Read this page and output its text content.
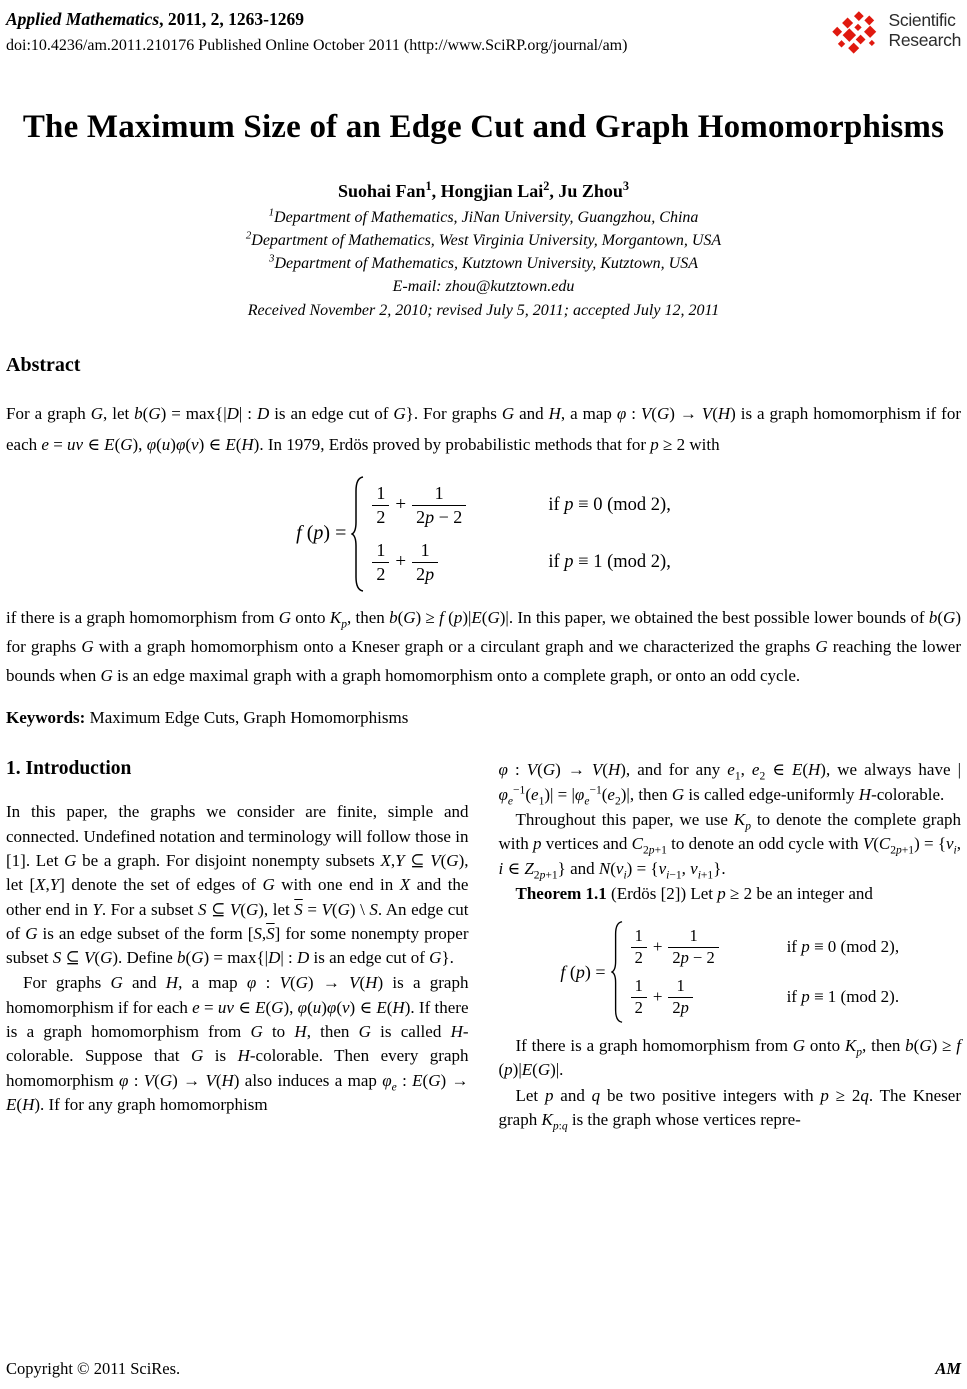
Applied Mathematics, 2011, 2, 1263-1269
doi:10.4236/am.2011.210176 Published Online October 2011 (http://www.SciRP.org/journal/am)
Scientific
Research
The Maximum Size of an Edge Cut and Graph Homomorphisms
Suohai Fan$^1$, Hongjian Lai$^2$, Ju Zhou$^3$
$^1$Department of Mathematics, JiNan University, Guangzhou, China
$^2$Department of Mathematics, West Virginia University, Morgantown, USA
$^3$Department of Mathematics, Kutztown University, Kutztown, USA
E-mail: zhou@kutztown.edu
Received November 2, 2010; revised July 5, 2011; accepted July 12, 2011
Abstract

For a graph G, let b(G) = max{|D| : D is an edge cut of G}. For graphs G and H, a map φ : V(G) → V(H) is a graph homomorphism if for each e = uv ∈ E(G), φ(u)φ(v) ∈ E(H). In 1979, Erdös proved by probabilistic methods that for p ≥ 2 with

f (p) =
$\frac{1}{2} + \frac{1}{2p - 2}$	if p ≡ 0 (mod 2),
$\frac{1}{2} + \frac{1}{2p}$	if p ≡ 1 (mod 2),

if there is a graph homomorphism from G onto $K_p$, then b(G) ≥ f (p)|E(G)|. In this paper, we obtained the best possible lower bounds of b(G) for graphs G with a graph homomorphism onto a Kneser graph or a circulant graph and we characterized the graphs G reaching the lower bounds when G is an edge maximal graph with a graph homomorphism onto a complete graph, or onto an odd cycle.

Keywords: Maximum Edge Cuts, Graph Homomorphisms
1. Introduction

In this paper, the graphs we consider are finite, simple and connected. Undefined notation and terminology will follow those in [1]. Let G be a graph. For disjoint nonempty subsets X,Y ⊆ V(G), let [X,Y] denote the set of edges of G with one end in X and the other end in Y. For a subset S ⊆ V(G), let $\overline{S} = V(G)$ \ S. An edge cut of G is an edge subset of the form $[S,\overline{S}]$ for some nonempty proper subset S ⊆ V(G). Define b(G) = max{|D| : D is an edge cut of G}.

For graphs G and H, a map φ : V(G) → V(H) is a graph homomorphism if for each e = uv ∈ E(G), φ(u)φ(v) ∈ E(H). If there is a graph homomorphism from G to H, then G is called H-colorable. Suppose that G is H-colorable. Then every graph homomorphism φ : V(G) → V(H) also induces a map $\varphi_e$ : E(G) → E(H). If for any graph homomorphism

φ : V(G) → V(H), and for any $e_1$, $e_2$ ∈ E(H), we always have $|\varphi_e^{-1}(e_1)| = |\varphi_e^{-1}(e_2)|$, then G is called edge-uniformly H-colorable.

Throughout this paper, we use $K_p$ to denote the complete graph with p vertices and $C_{2p+1}$ to denote an odd cycle with $V(C_{2p+1}) = \{v_i$, i ∈ $Z_{2p+1}$} and $N(v_i) = \{v_{i-1}$, $v_{i+1}$}.

Theorem 1.1 (Erdös [2]) Let p ≥ 2 be an integer and

f (p) =
$\frac{1}{2} + \frac{1}{2p - 2}$	if p ≡ 0 (mod 2),
$\frac{1}{2} + \frac{1}{2p}$	if p ≡ 1 (mod 2).

If there is a graph homomorphism from G onto $K_p$, then b(G) ≥ f (p)|E(G)|.

Let p and q be two positive integers with p ≥ 2q. The Kneser graph $K_{p:q}$ is the graph whose vertices repre-

Copyright © 2011 SciRes.	AM
